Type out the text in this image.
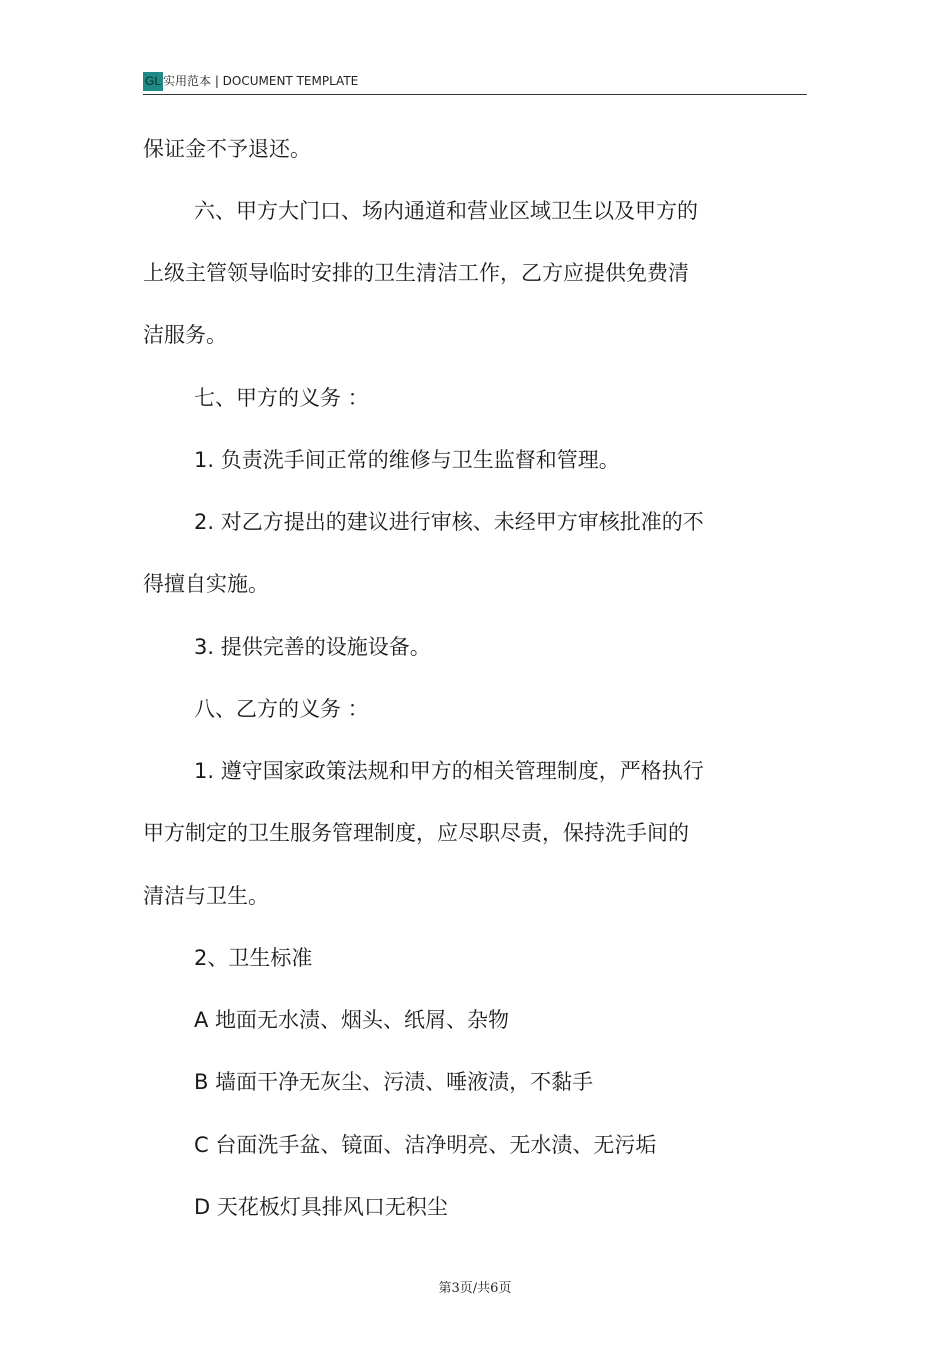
GL 实用范本 | DOCUMENT TEMPLATE
保证金不予退还。
六、甲方大门口、场内通道和营业区域卫生以及甲方的
上级主管领导临时安排的卫生清洁工作，乙方应提供免费清
洁服务。
七、甲方的义务 ：
1. 负责洗手间正常的维修与卫生监督和管理。
2. 对乙方提出的建议进行审核、未经甲方审核批准的不
得擅自实施。
3. 提供完善的设施设备。
八、乙方的义务 ：
1. 遵守国家政策法规和甲方的相关管理制度，严格执行
甲方制定的卫生服务管理制度，应尽职尽责，保持洗手间的
清洁与卫生。
2、卫生标准
A 地面无水渍、烟头、纸屑、杂物
B 墙面干净无灰尘、污渍、唾液渍，不黏手
C 台面洗手盆、镜面、洁净明亮、无水渍、无污垢
D 天花板灯具排风口无积尘
第3页/共6页
